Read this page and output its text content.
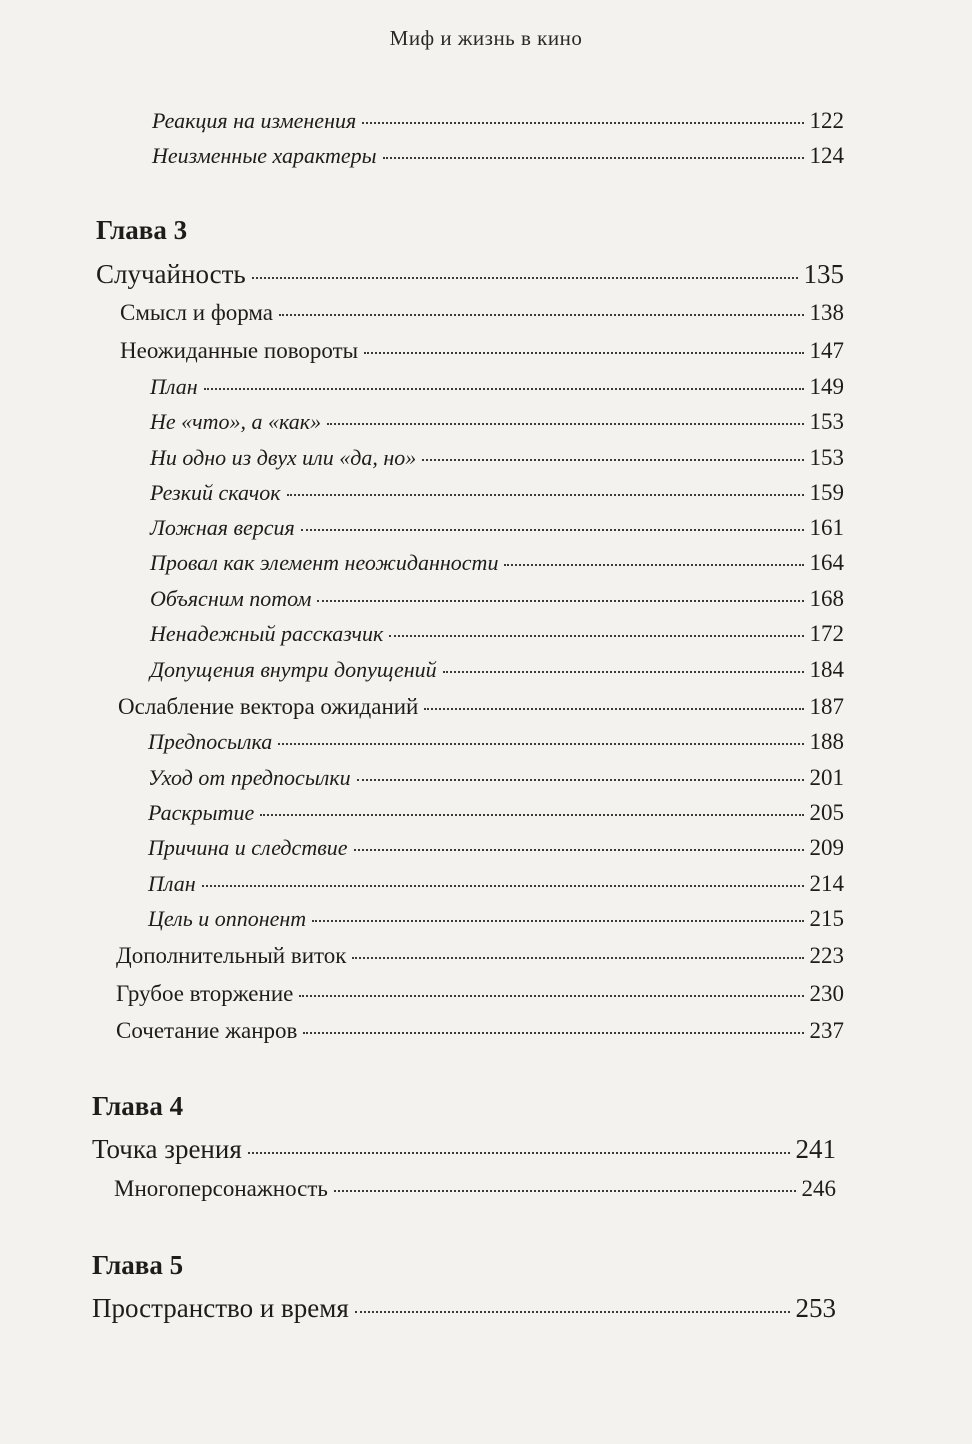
Миф и жизнь в кино
Реакция на изменения	122
Неизменные характеры	124
Глава 3
Случайность	135
Смысл и форма	138
Неожиданные повороты	147
План	149
Не «что», а «как»	153
Ни одно из двух или «да, но»	153
Резкий скачок	159
Ложная версия	161
Провал как элемент неожиданности	164
Объясним потом	168
Ненадежный рассказчик	172
Допущения внутри допущений	184
Ослабление вектора ожиданий	187
Предпосылка	188
Уход от предпосылки	201
Раскрытие	205
Причина и следствие	209
План	214
Цель и оппонент	215
Дополнительный виток	223
Грубое вторжение	230
Сочетание жанров	237
Глава 4
Точка зрения	241
Многоперсонажность	246
Глава 5
Пространство и время	253
